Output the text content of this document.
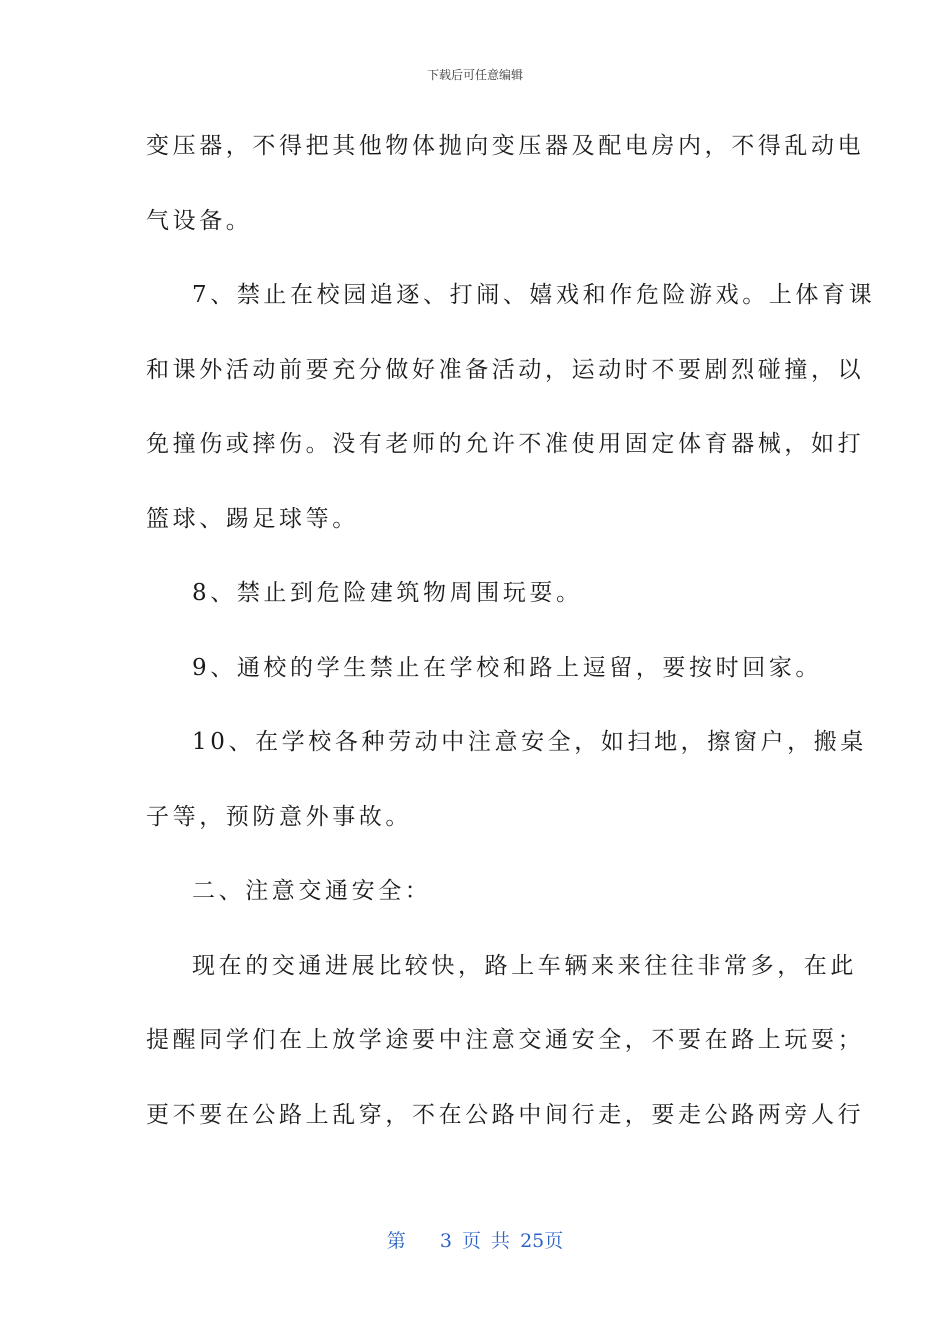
下载后可任意编辑
变压器，不得把其他物体抛向变压器及配电房内，不得乱动电
气设备。
7、禁止在校园追逐、打闹、嬉戏和作危险游戏。上体育课
和课外活动前要充分做好准备活动，运动时不要剧烈碰撞，以
免撞伤或摔伤。没有老师的允许不准使用固定体育器械，如打
篮球、踢足球等。
8、禁止到危险建筑物周围玩耍。
9、通校的学生禁止在学校和路上逗留，要按时回家。
10、在学校各种劳动中注意安全，如扫地，擦窗户，搬桌
子等，预防意外事故。
二、注意交通安全：
现在的交通进展比较快，路上车辆来来往往非常多，在此
提醒同学们在上放学途要中注意交通安全，不要在路上玩耍；
更不要在公路上乱穿，不在公路中间行走，要走公路两旁人行
第 3 页 共 25页
